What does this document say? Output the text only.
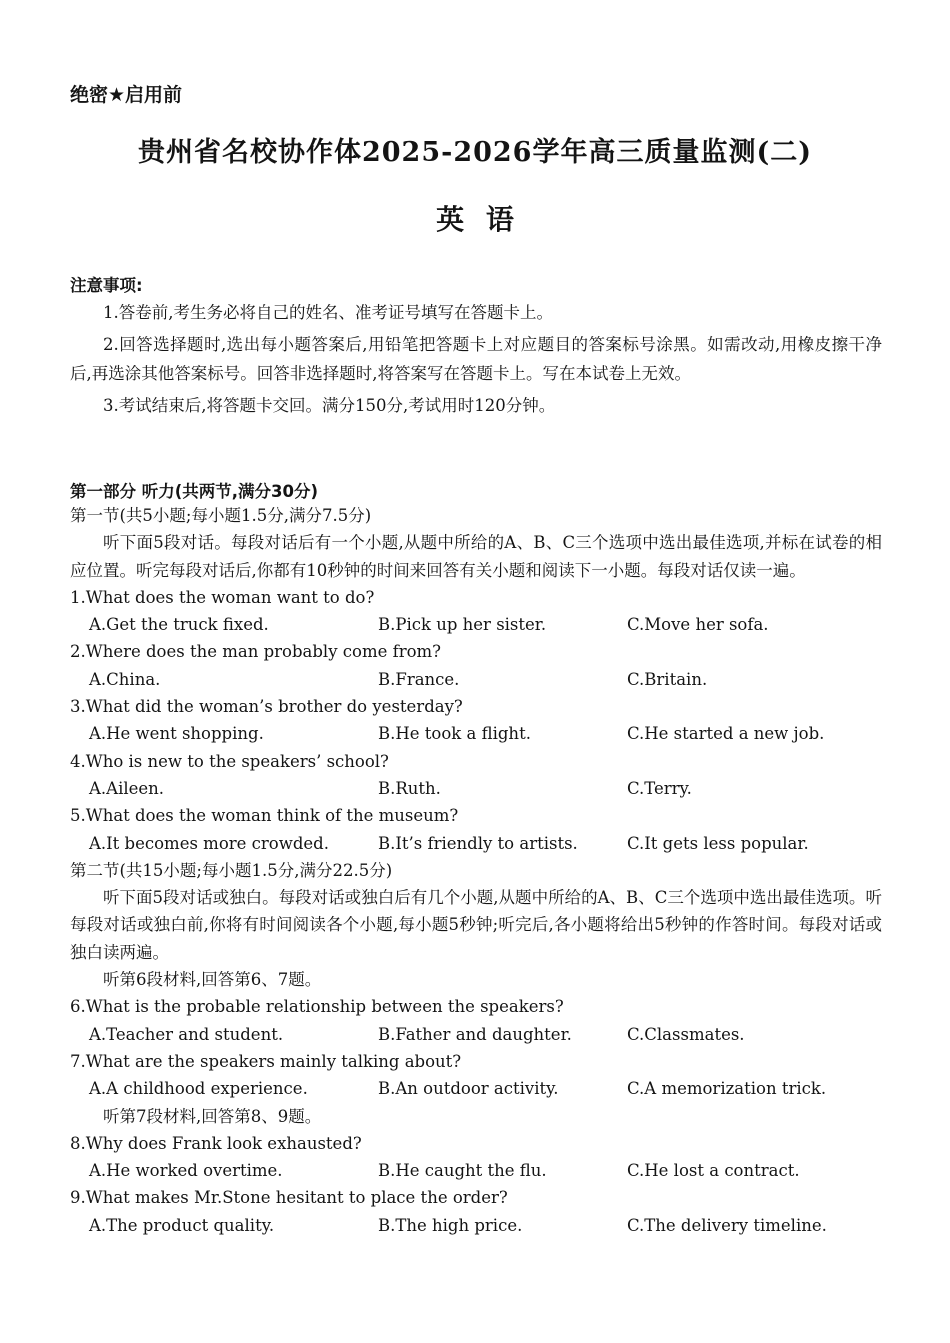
绝密★启用前
贵州省名校协作体2025-2026学年高三质量监测(二)
英 语
注意事项:

1.答卷前,考生务必将自己的姓名、准考证号填写在答题卡上。

2.回答选择题时,选出每小题答案后,用铅笔把答题卡上对应题目的答案标号涂黑。如需改动,用橡皮擦干净后,再选涂其他答案标号。回答非选择题时,将答案写在答题卡上。写在本试卷上无效。

3.考试结束后,将答题卡交回。满分150分,考试用时120分钟。

第一部分 听力(共两节,满分30分)
第一节(共5小题;每小题1.5分,满分7.5分)
听下面5段对话。每段对话后有一个小题,从题中所给的A、B、C三个选项中选出最佳选项,并标在试卷的相应位置。听完每段对话后,你都有10秒钟的时间来回答有关小题和阅读下一小题。每段对话仅读一遍。
1.What does the woman want to do?
A.Get the truck fixed.	B.Pick up her sister.	C.Move her sofa.
2.Where does the man probably come from?
A.China.	B.France.	C.Britain.
3.What did the woman’s brother do yesterday?
A.He went shopping.	B.He took a flight.	C.He started a new job.
4.Who is new to the speakers’ school?
A.Aileen.	B.Ruth.	C.Terry.
5.What does the woman think of the museum?
A.It becomes more crowded.	B.It’s friendly to artists.	C.It gets less popular.
第二节(共15小题;每小题1.5分,满分22.5分)
听下面5段对话或独白。每段对话或独白后有几个小题,从题中所给的A、B、C三个选项中选出最佳选项。听每段对话或独白前,你将有时间阅读各个小题,每小题5秒钟;听完后,各小题将给出5秒钟的作答时间。每段对话或独白读两遍。
听第6段材料,回答第6、7题。
6.What is the probable relationship between the speakers?
A.Teacher and student.	B.Father and daughter.	C.Classmates.
7.What are the speakers mainly talking about?
A.A childhood experience.	B.An outdoor activity.	C.A memorization trick.
听第7段材料,回答第8、9题。
8.Why does Frank look exhausted?
A.He worked overtime.	B.He caught the flu.	C.He lost a contract.
9.What makes Mr.Stone hesitant to place the order?
A.The product quality.	B.The high price.	C.The delivery timeline.
